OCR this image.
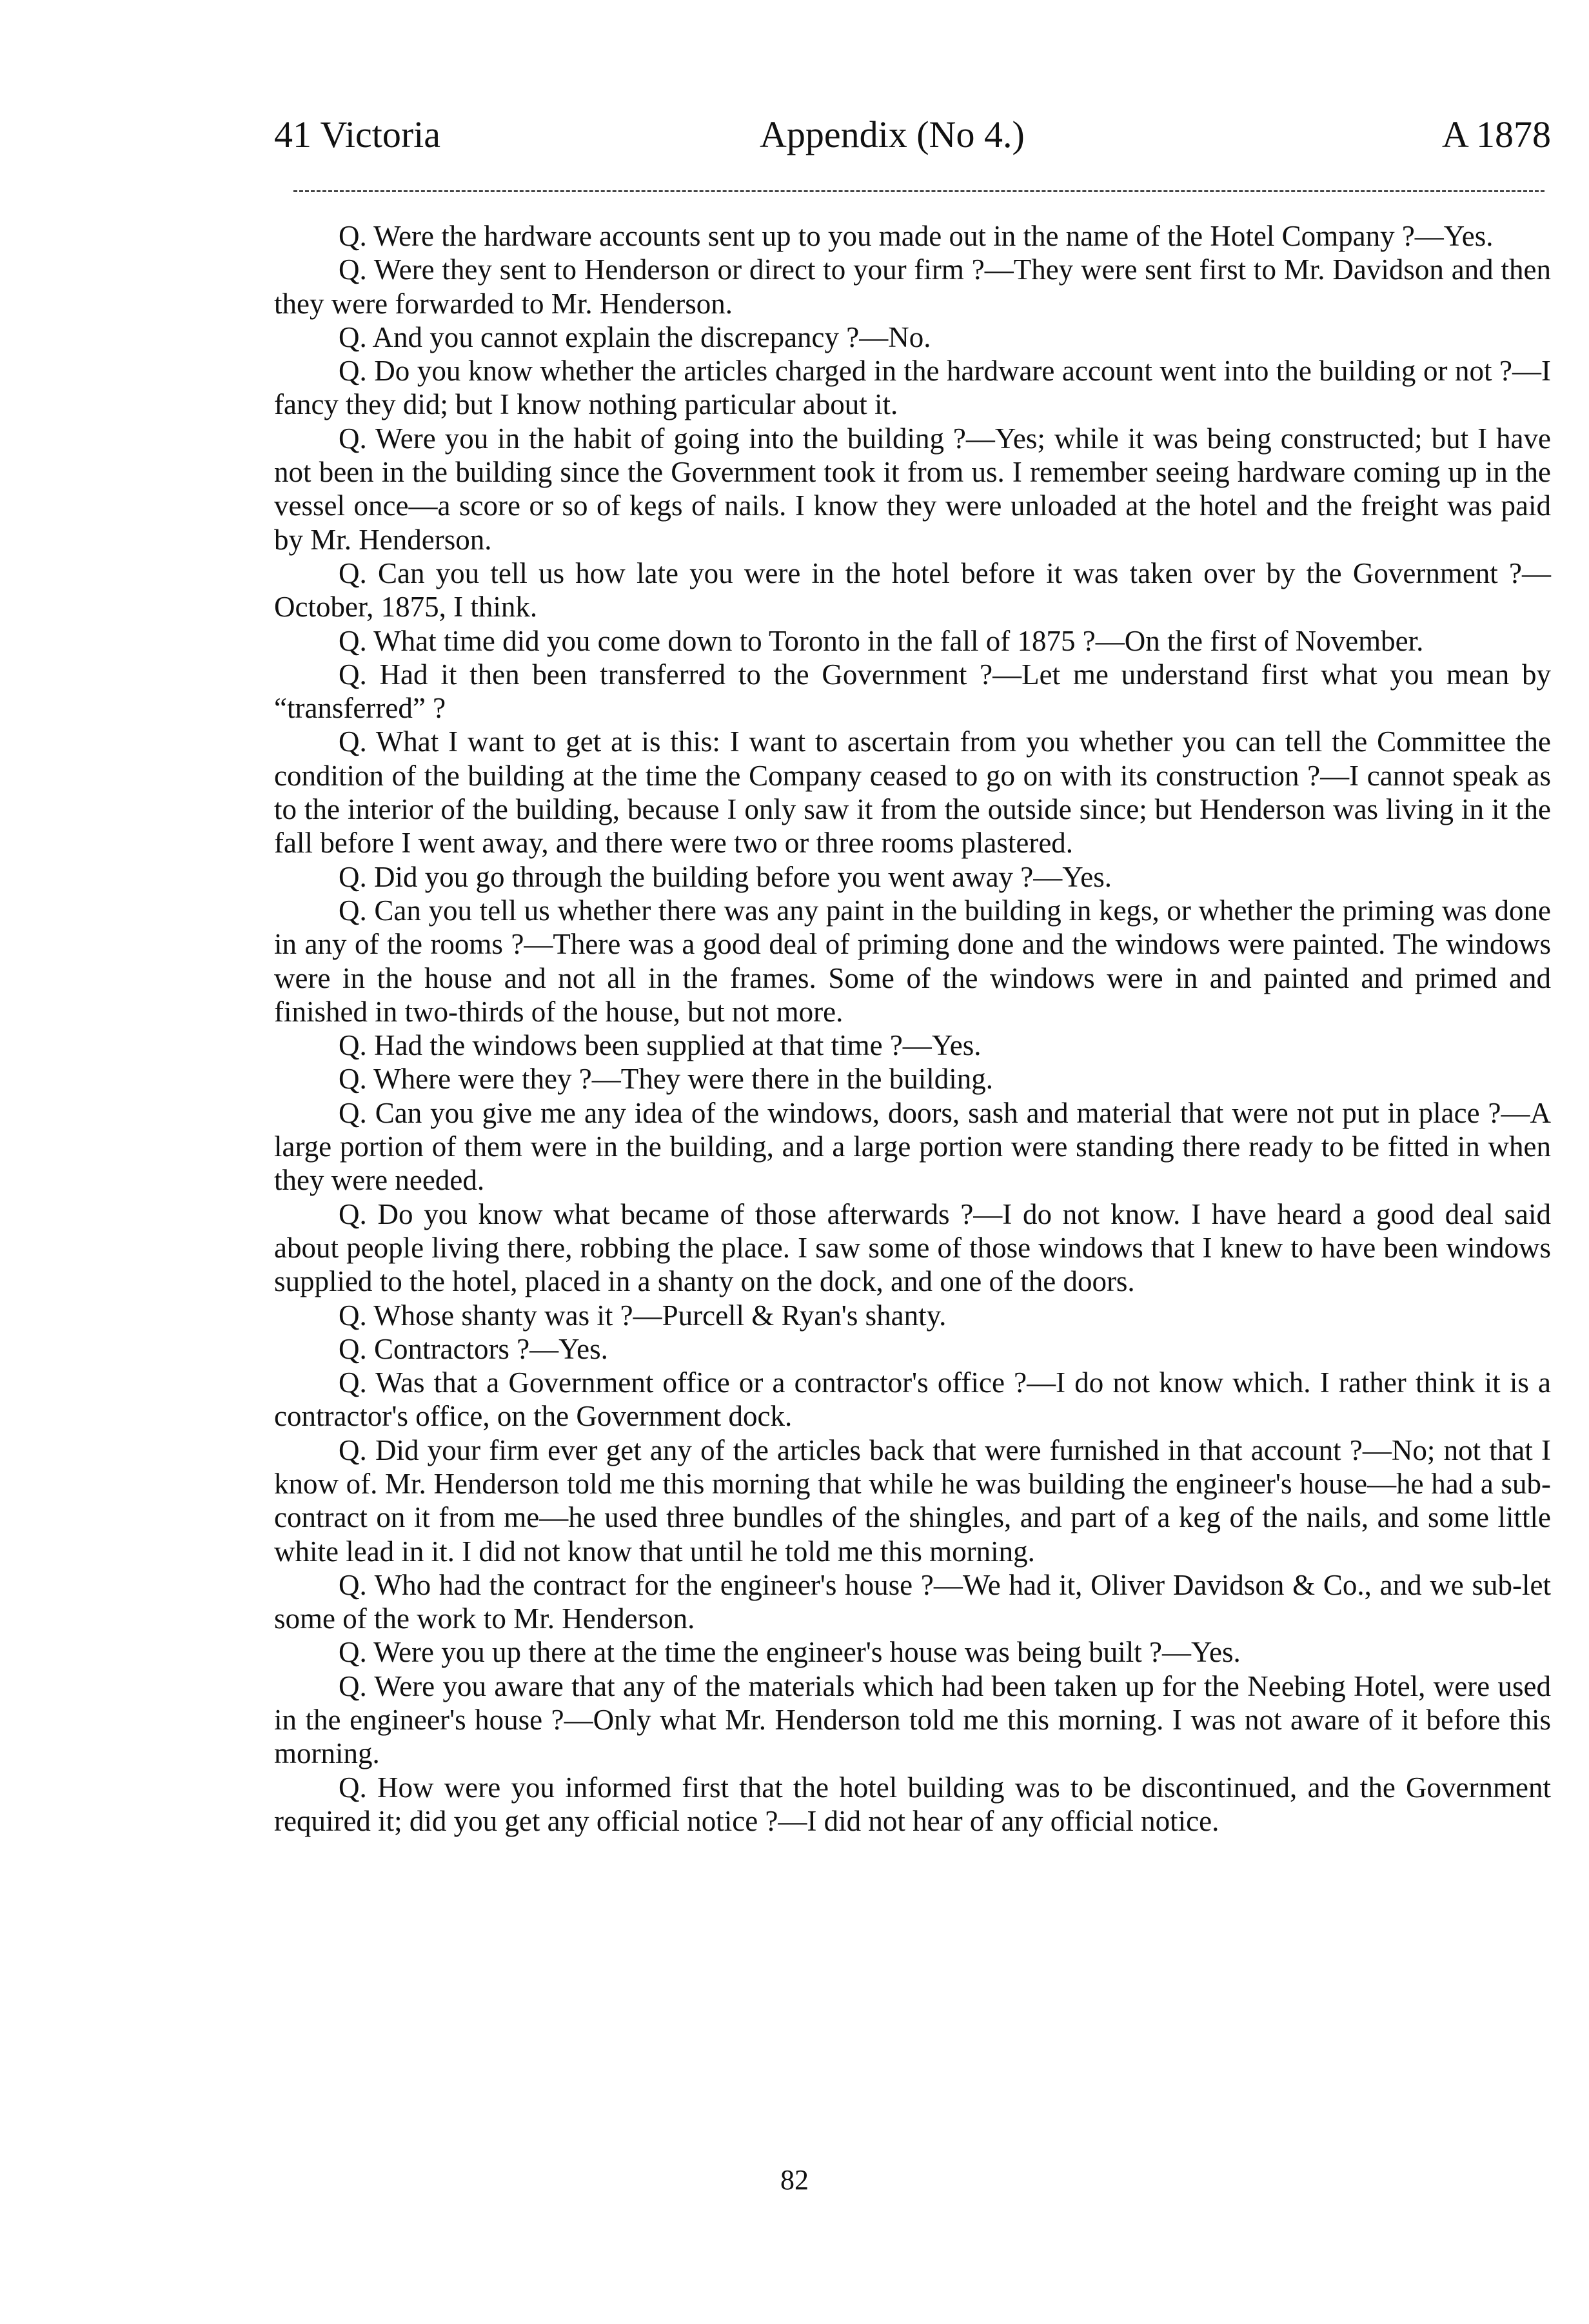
41 Victoria	Appendix (No 4.)	A 1878

Q. Were the hardware accounts sent up to you made out in the name of the Hotel Company ?—Yes.

Q. Were they sent to Henderson or direct to your firm ?—They were sent first to Mr. Davidson and then they were forwarded to Mr. Henderson.

Q. And you cannot explain the discrepancy ?—No.

Q. Do you know whether the articles charged in the hardware account went into the building or not ?—I fancy they did; but I know nothing particular about it.

Q. Were you in the habit of going into the building ?—Yes; while it was being constructed; but I have not been in the building since the Government took it from us. I remember seeing hardware coming up in the vessel once—a score or so of kegs of nails. I know they were unloaded at the hotel and the freight was paid by Mr. Henderson.

Q. Can you tell us how late you were in the hotel before it was taken over by the Government ?—October, 1875, I think.

Q. What time did you come down to Toronto in the fall of 1875 ?—On the first of November.

Q. Had it then been transferred to the Government ?—Let me understand first what you mean by “transferred” ?

Q. What I want to get at is this: I want to ascertain from you whether you can tell the Committee the condition of the building at the time the Company ceased to go on with its construction ?—I cannot speak as to the interior of the building, because I only saw it from the outside since; but Henderson was living in it the fall before I went away, and there were two or three rooms plastered.

Q. Did you go through the building before you went away ?—Yes.

Q. Can you tell us whether there was any paint in the building in kegs, or whether the priming was done in any of the rooms ?—There was a good deal of priming done and the windows were painted. The windows were in the house and not all in the frames. Some of the windows were in and painted and primed and finished in two-thirds of the house, but not more.

Q. Had the windows been supplied at that time ?—Yes.

Q. Where were they ?—They were there in the building.

Q. Can you give me any idea of the windows, doors, sash and material that were not put in place ?—A large portion of them were in the building, and a large portion were standing there ready to be fitted in when they were needed.

Q. Do you know what became of those afterwards ?—I do not know. I have heard a good deal said about people living there, robbing the place. I saw some of those windows that I knew to have been windows supplied to the hotel, placed in a shanty on the dock, and one of the doors.

Q. Whose shanty was it ?—Purcell & Ryan's shanty.

Q. Contractors ?—Yes.

Q. Was that a Government office or a contractor's office ?—I do not know which. I rather think it is a contractor's office, on the Government dock.

Q. Did your firm ever get any of the articles back that were furnished in that account ?—No; not that I know of. Mr. Henderson told me this morning that while he was building the engineer's house—he had a sub-contract on it from me—he used three bundles of the shingles, and part of a keg of the nails, and some little white lead in it. I did not know that until he told me this morning.

Q. Who had the contract for the engineer's house ?—We had it, Oliver Davidson & Co., and we sub-let some of the work to Mr. Henderson.

Q. Were you up there at the time the engineer's house was being built ?—Yes.

Q. Were you aware that any of the materials which had been taken up for the Neebing Hotel, were used in the engineer's house ?—Only what Mr. Henderson told me this morning. I was not aware of it before this morning.

Q. How were you informed first that the hotel building was to be discontinued, and the Government required it; did you get any official notice ?—I did not hear of any official notice.

82
